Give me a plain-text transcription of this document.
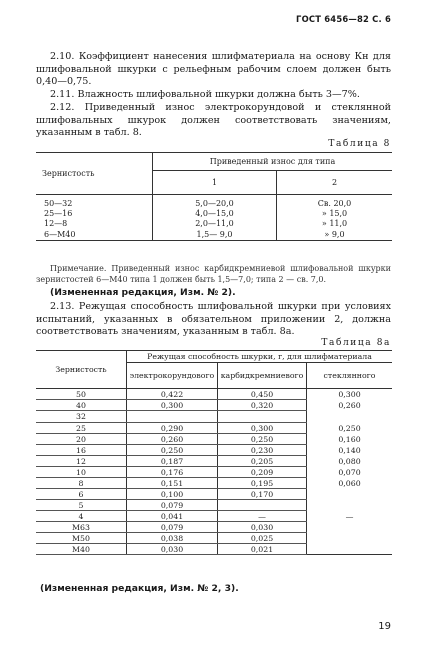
ГОСТ 6456—82 С. 6
2.10. Коэффициент нанесения шлифматериала на основу Кн для шлифовальной шкурки с рельефным рабочим слоем должен быть 0,40—0,75.
2.11. Влажность шлифовальной шкурки должна быть 3—7%.
2.12. Приведенный износ электрокорундовой и стеклянной шлифовальных шкурок должен соответствовать значениям, указанным в табл. 8.
Таблица 8
Зернистость	Приведенный износ для типа	
	1	2

50—32	5,0—20,0	Св. 20,0
25—16	4,0—15,0	» 15,0
12—8	2,0—11,0	» 11,0
6—М40	1,5— 9,0	» 9,0
Примечание. Приведенный износ карбидкремниевой шлифовальной шкурки зернистостей 6—М40 типа 1 должен быть 1,5—7,0; типа 2 — св. 7,0.
(Измененная редакция, Изм. № 2).
2.13. Режущая способность шлифовальной шкурки при условиях испытаний, указанных в обязательном приложении 2, должна соответствовать значениям, указанным в табл. 8а.
Таблица 8а
Зернистость	Режущая способность шкурки, г, для шлифматериала		
	электрокорундового	карбидкремниевого	стеклянного
50	0,422	0,450	0,300
40	0,300	0,320	0,260
32			
25	0,290	0,300	0,250
20	0,260	0,250	0,160
16	0,250	0,230	0,140
12	0,187	0,205	0,080
10	0,176	0,209	0,070
8	0,151	0,195	0,060
6	0,100	0,170	
5	0,079		
4	0,041	—	—
М63	0,079	0,030	
М50	0,038	0,025	
М40	0,030	0,021	
(Измененная редакция, Изм. № 2, 3).
19
